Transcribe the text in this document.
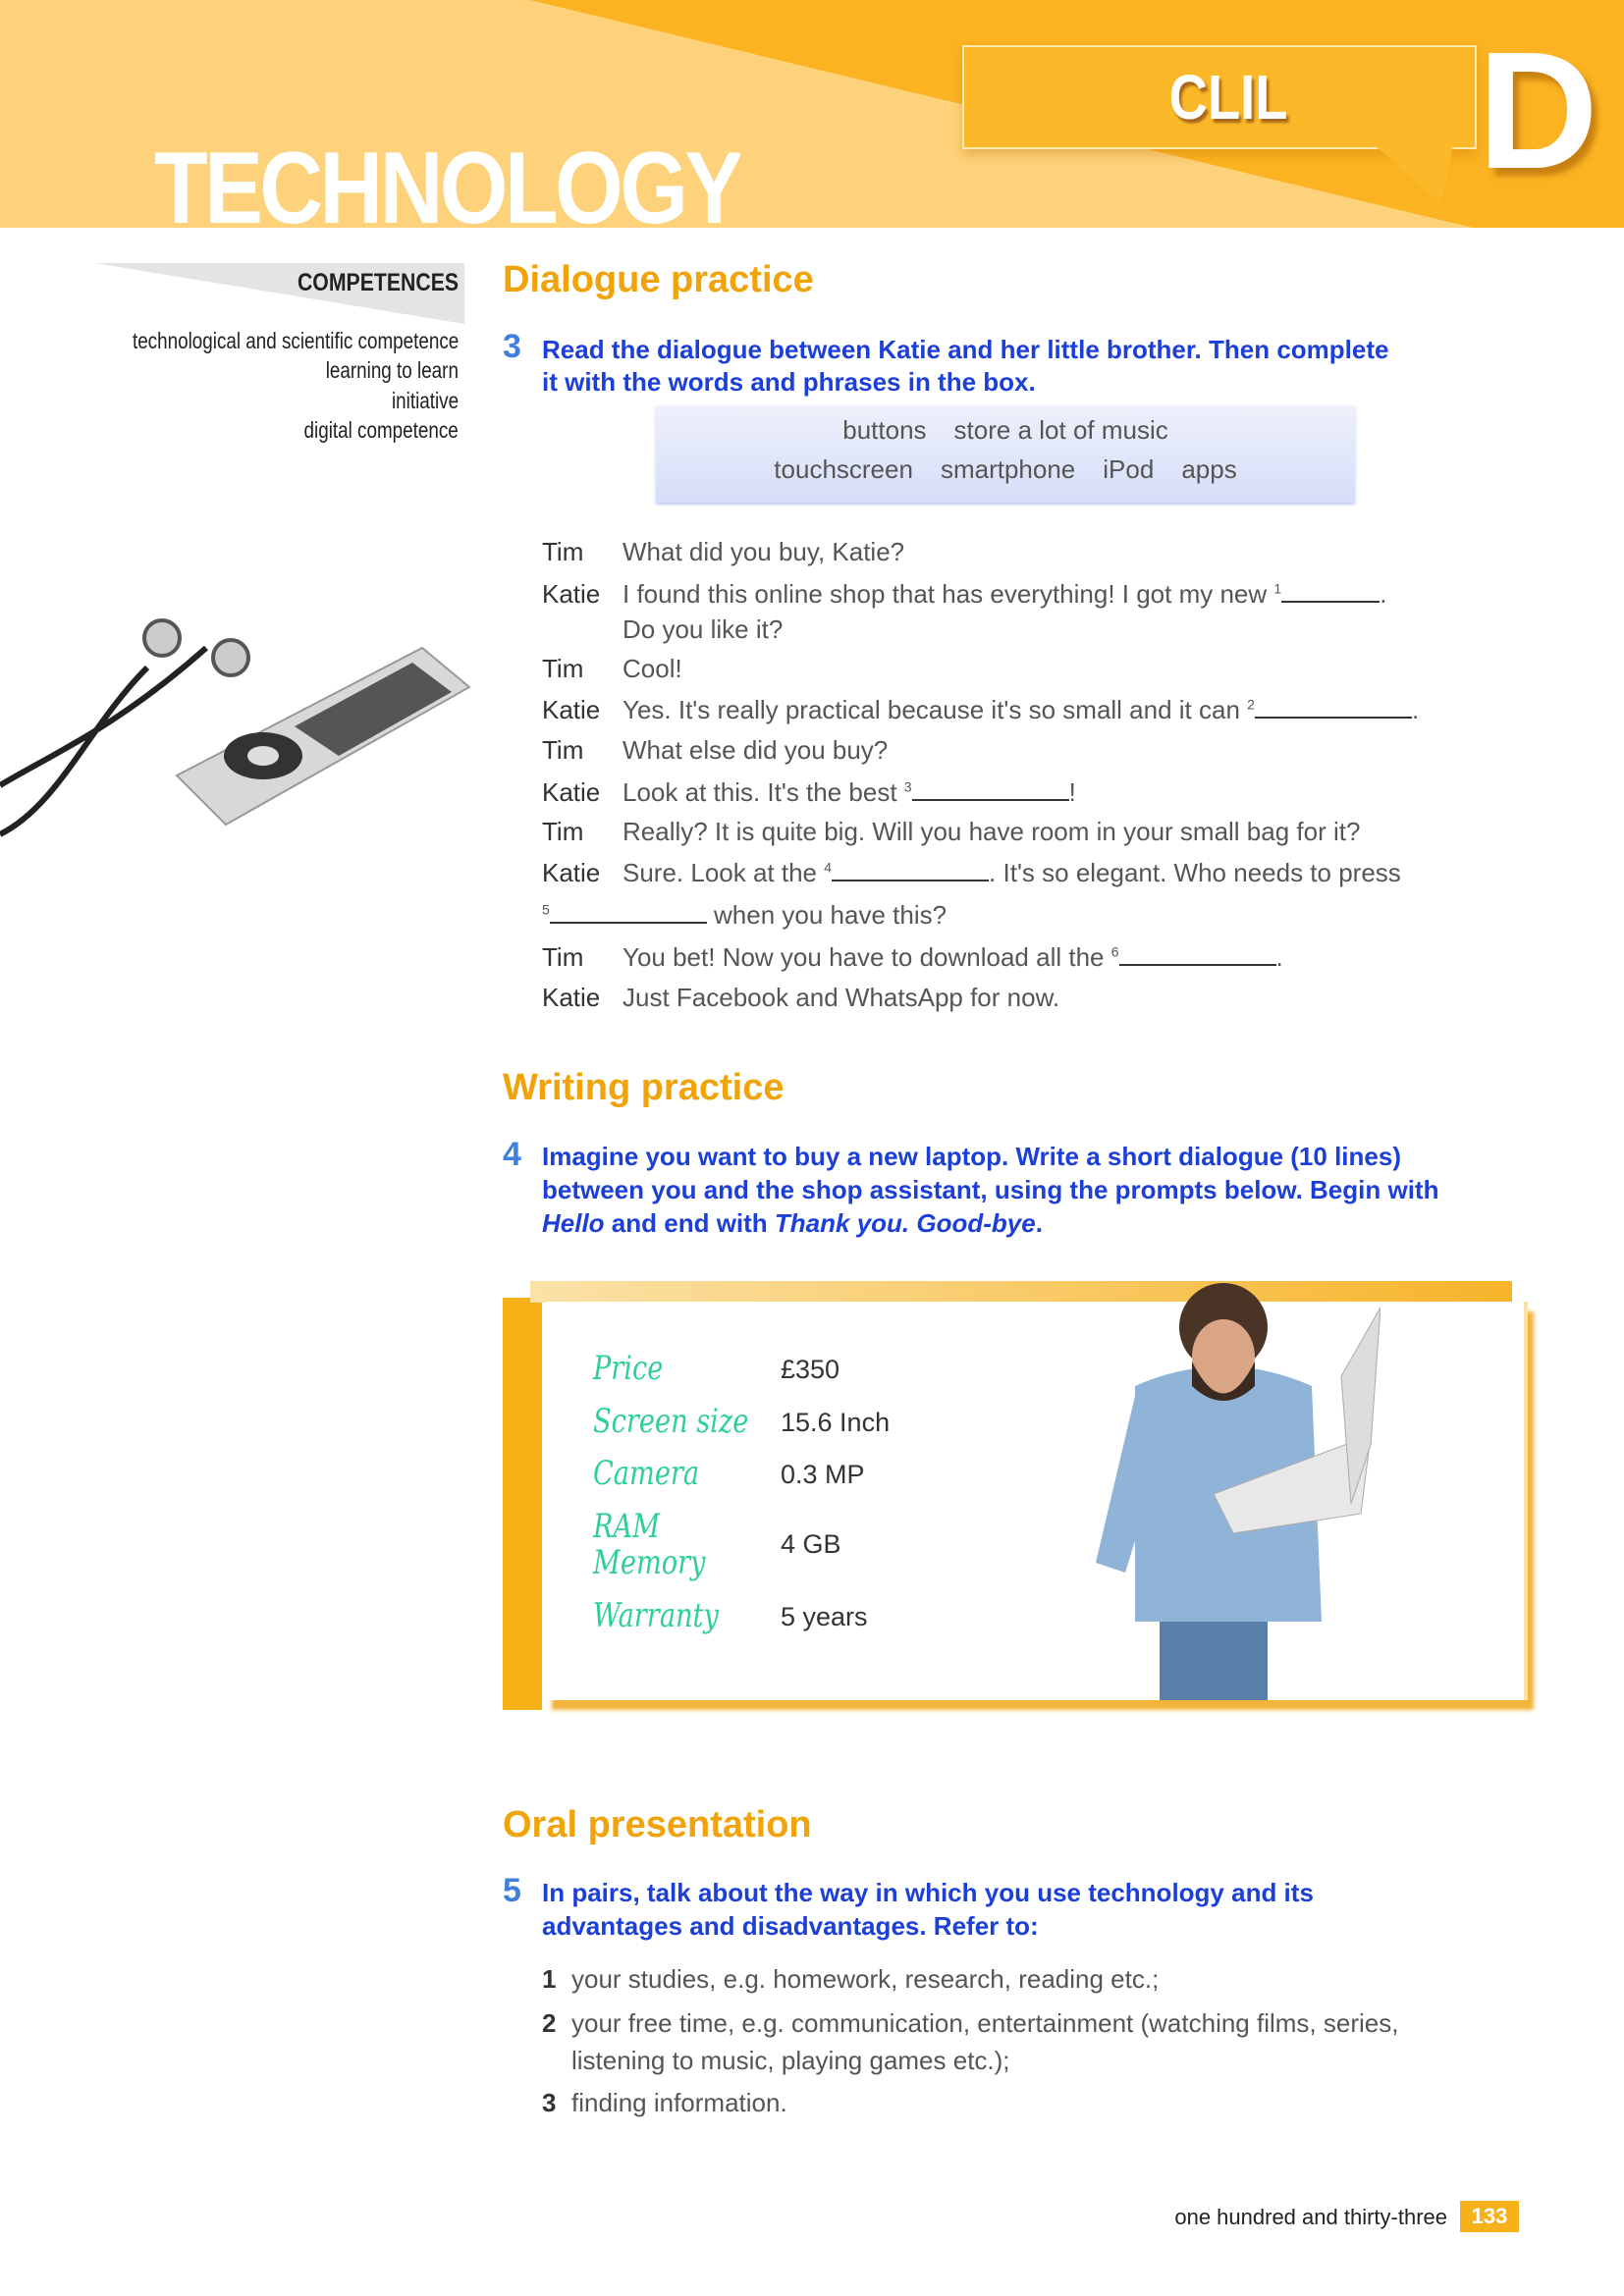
TECHNOLOGY
CLIL D
COMPETENCES
technological and scientific competence
learning to learn
initiative
digital competence
Dialogue practice
3 Read the dialogue between Katie and her little brother. Then complete
it with the words and phrases in the box.
buttons store a lot of music
touchscreen smartphone iPod apps
Tim What did you buy, Katie?
Katie I found this online shop that has everything! I got my new $^1$	.
Do you like it?
Tim Cool!
Katie Yes. It's really practical because it's so small and it can $^2$	.
Tim What else did you buy?
Katie Look at this. It's the best $^3$	!
Tim Really? It is quite big. Will you have room in your small bag for it?
Katie Sure. Look at the $^4$	. It's so elegant. Who needs to press
$^5$	when you have this?
Tim You bet! Now you have to download all the $^6$	.
Katie Just Facebook and WhatsApp for now.
Writing practice
4 Imagine you want to buy a new laptop. Write a short dialogue (10 lines)
between you and the shop assistant, using the prompts below. Begin with
Hello and end with Thank you. Good-bye.
Price	£350
Screen size 15.6 Inch
Camera	0.3 MP
RAM Memory	4 GB
Warranty 5 years
Oral presentation
5 In pairs, talk about the way in which you use technology and its
advantages and disadvantages. Refer to:
1 your studies, e.g. homework, research, reading etc.;
2 your free time, e.g. communication, entertainment (watching films, series,
listening to music, playing games etc.);
3 finding information.
one hundred and thirty-three	133
